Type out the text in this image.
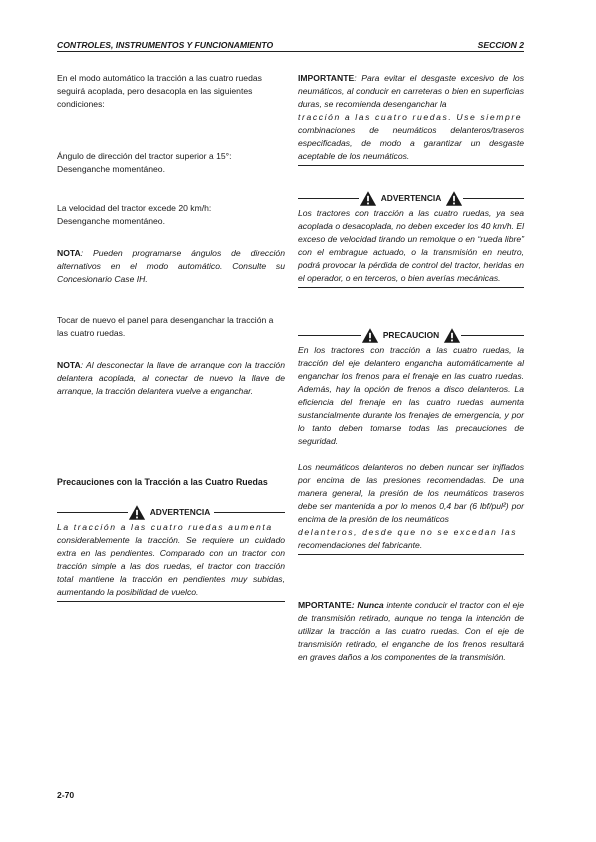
CONTROLES, INSTRUMENTOS Y FUNCIONAMIENTO	SECCION 2

En el modo automático la tracción a las cuatro ruedas seguirá acoplada, pero desacopla en las siguientes condiciones:

Ángulo de dirección del tractor superior a 15°:

Desenganche momentáneo.

La velocidad del tractor excede 20 km/h:

Desenganche momentáneo.

NOTA: Pueden programarse ángulos de dirección alternativos en el modo automático. Consulte su Concesionario Case IH.

Tocar de nuevo el panel para desenganchar la tracción a las cuatro ruedas.

NOTA: Al desconectar la llave de arranque con la tracción delantera acoplada, al conectar de nuevo la llave de arranque, la tracción delantera vuelve a enganchar.

Precauciones con la Tracción a las Cuatro Ruedas

ADVERTENCIA

La tracción a las cuatro ruedas aumenta

considerablemente la tracción. Se requiere un cuidado extra en las pendientes. Comparado con un tractor con tracción simple a las dos ruedas, el tractor con tracción total mantiene la tracción en pendientes muy subidas, aumentando la posibilidad de vuelco.

IMPORTANTE: Para evitar el desgaste excesivo de los neumáticos, al conducir en carreteras o bien en superficias duras, se recomienda desenganchar la

tracción a las cuatro ruedas. Use siempre

combinaciones de neumáticos delanteros/traseros especificadas, de modo a garantizar un desgaste aceptable de los neumáticos.

ADVERTENCIA

Los tractores con tracción a las cuatro ruedas, ya sea acoplada o desacoplada, no deben exceder los 40 km/h. El exceso de velocidad tirando un remolque o en “rueda libre” con el embrague actuado, o la transmisión en neutro, podrá provocar la pérdida de control del tractor, heridas en el operador, o en terceros, o bien averías mecánicas.

PRECAUCION

En los tractores con tracción a las cuatro ruedas, la tracción del eje delantero engancha automáticamente al enganchar los frenos para el frenaje en las cuatro ruedas. Además, hay la opción de frenos a disco delanteros. La eficiencia del frenaje en las cuatro ruedas aumenta sustancialmente durante los frenajes de emergencia, y por lo tanto deben tomarse todas las precauciones de seguridad.

Los neumáticos delanteros no deben nuncar ser injflados por encima de las presiones recomendadas. De una manera general, la presión de los neumáticos traseros debe ser mantenida a por lo menos 0,4 bar (6 lbf/pul²) por encima de la presión de los neumáticos

delanteros, desde que no se excedan las

recomendaciones del fabricante.

MPORTANTE: Nunca intente conducir el tractor con el eje de transmisión retirado, aunque no tenga la intención de utilizar la tracción a las cuatro ruedas. Con el eje de transmisión retirado, el enganche de los frenos resultará en graves daños a los componentes de la transmisión.

2-70
